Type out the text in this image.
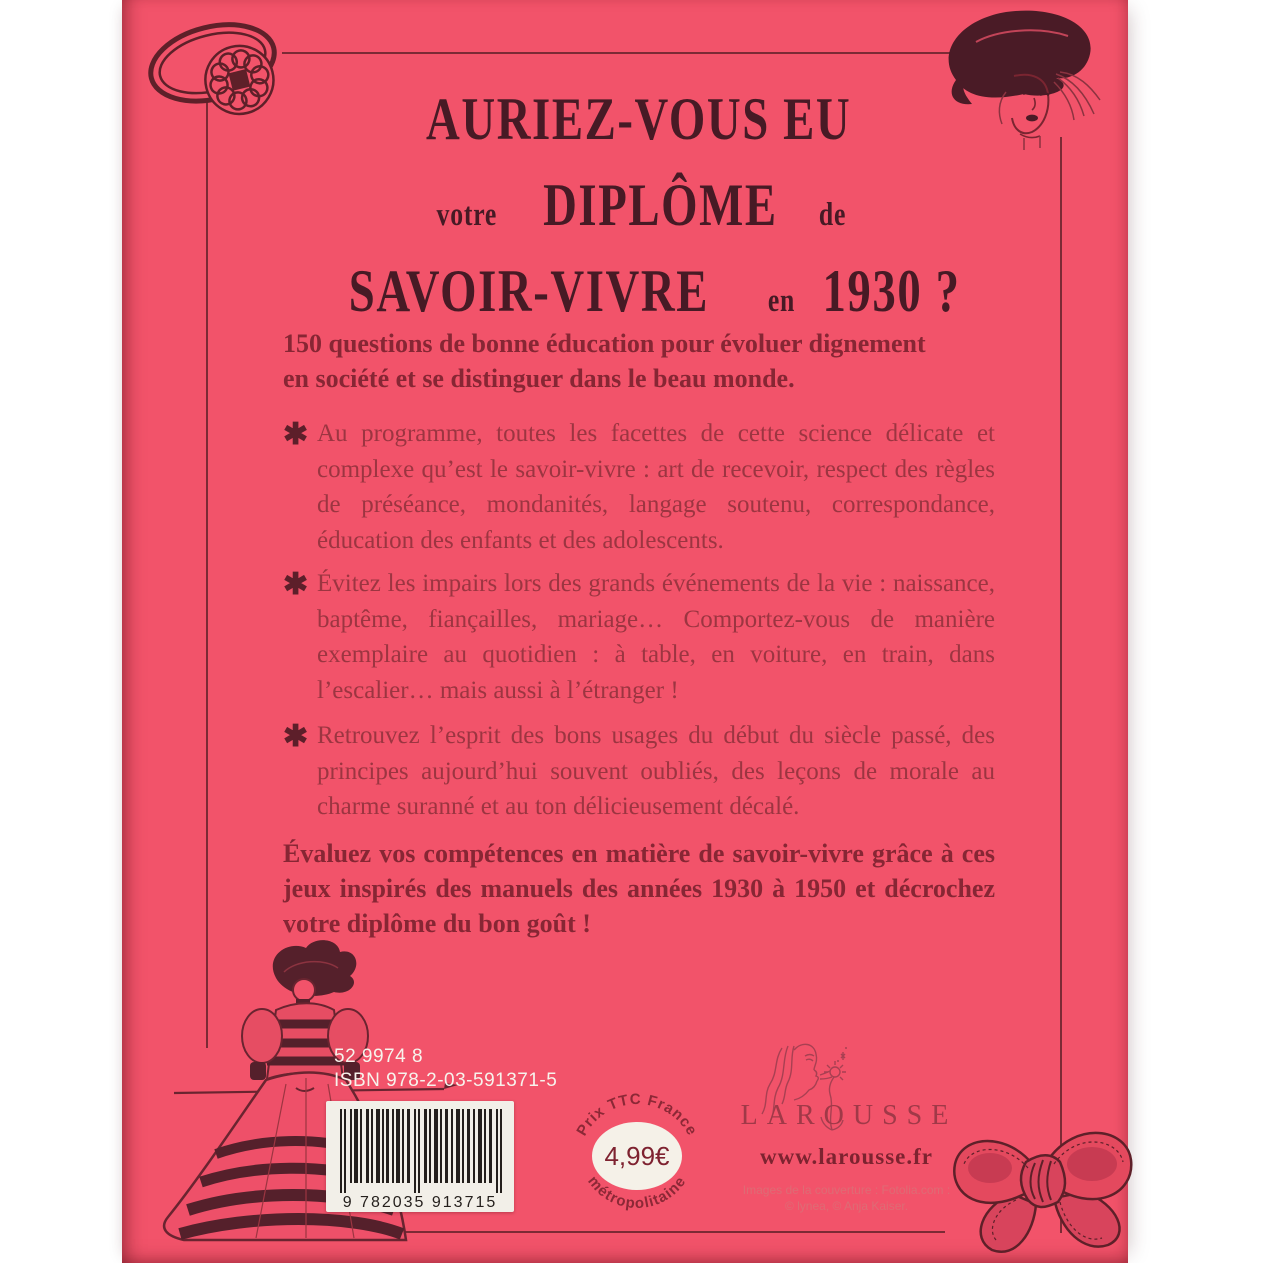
AURIEZ-VOUS EU
votre DIPLÔME de
SAVOIR-VIVRE en 1930 ?
150 questions de bonne éducation pour évoluer dignement
en société et se distinguer dans le beau monde.
✱ Au programme, toutes les facettes de cette science délicate et complexe qu’est le savoir-vivre : art de recevoir, respect des règles de préséance, mondanités, langage soutenu, correspondance, éducation des enfants et des adolescents.
✱ Évitez les impairs lors des grands événements de la vie : naissance, baptême, fiançailles, mariage… Comportez-vous de manière exemplaire au quotidien : à table, en voiture, en train, dans l’escalier… mais aussi à l’étranger !
✱ Retrouvez l’esprit des bons usages du début du siècle passé, des principes aujourd’hui souvent oubliés, des leçons de morale au charme suranné et au ton délicieusement décalé.
Évaluez vos compétences en matière de savoir-vivre grâce à ces jeux inspirés des manuels des années 1930 à 1950 et décrochez votre diplôme du bon goût !
52 9974 8
ISBN 978-2-03-591371-5
9 782035 913715
Prix TTC France
métropolitaine
4,99€
LAROUSSE
www.larousse.fr
Images de la couverture : Fotolia.com :
© lynea, © Anja Kaiser.
